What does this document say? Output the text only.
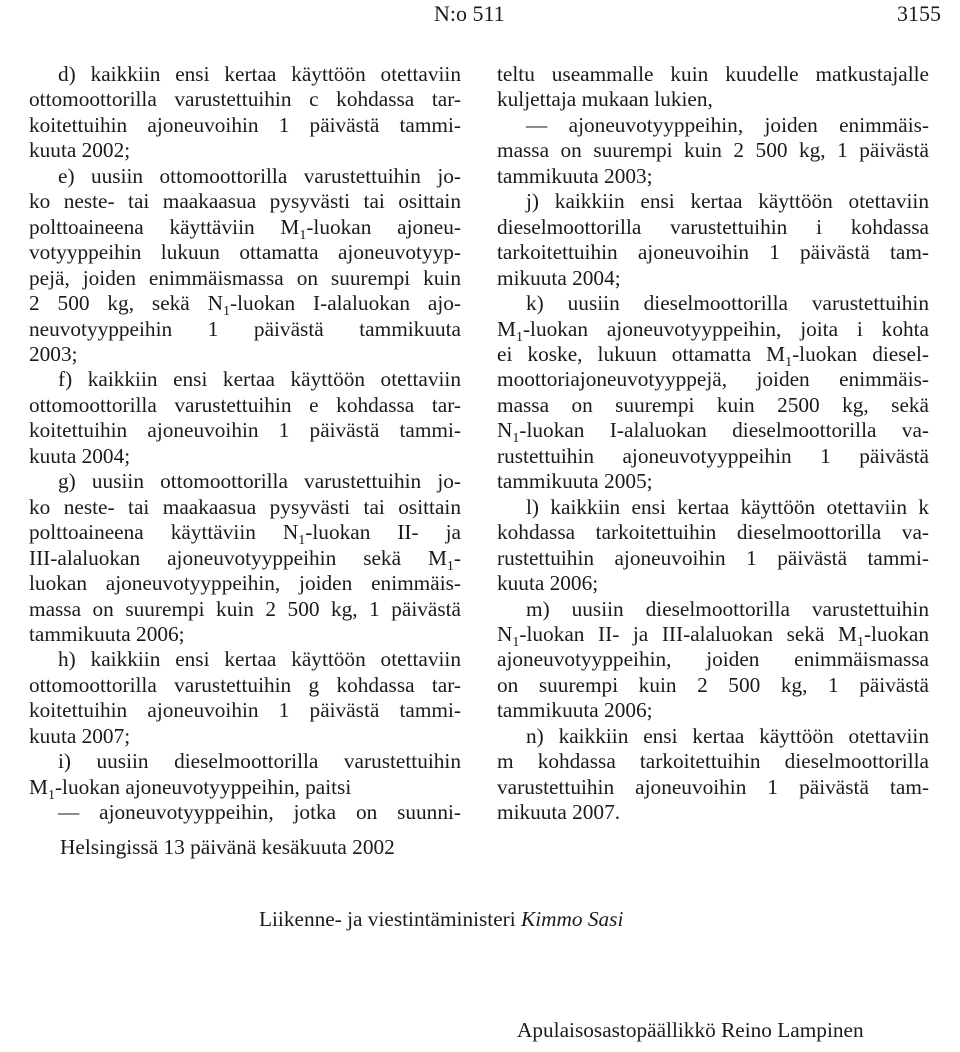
N:o 511	3155
d) kaikkiin ensi kertaa käyttöön otettaviin
ottomoottorilla varustettuihin c kohdassa tar-
koitettuihin ajoneuvoihin 1 päivästä tammi-
kuuta 2002;
e) uusiin ottomoottorilla varustettuihin jo-
ko neste- tai maakaasua pysyvästi tai osittain
polttoaineena käyttäviin $M_1$-luokan ajoneu-
votyyppeihin lukuun ottamatta ajoneuvotyyp-
pejä, joiden enimmäismassa on suurempi kuin
2 500 kg, sekä $N_1$-luokan I-alaluokan ajo-
neuvotyyppeihin 1 päivästä tammikuuta
2003;
f) kaikkiin ensi kertaa käyttöön otettaviin
ottomoottorilla varustettuihin e kohdassa tar-
koitettuihin ajoneuvoihin 1 päivästä tammi-
kuuta 2004;
g) uusiin ottomoottorilla varustettuihin jo-
ko neste- tai maakaasua pysyvästi tai osittain
polttoaineena käyttäviin $N_1$-luokan II- ja
III-alaluokan ajoneuvotyyppeihin sekä $M_1-$
luokan ajoneuvotyyppeihin, joiden enimmäis-
massa on suurempi kuin 2 500 kg, 1 päivästä
tammikuuta 2006;
h) kaikkiin ensi kertaa käyttöön otettaviin
ottomoottorilla varustettuihin g kohdassa tar-
koitettuihin ajoneuvoihin 1 päivästä tammi-
kuuta 2007;
i) uusiin dieselmoottorilla varustettuihin
$M_1$-luokan ajoneuvotyyppeihin, paitsi
— ajoneuvotyyppeihin, jotka on suunni-
teltu useammalle kuin kuudelle matkustajalle
kuljettaja mukaan lukien,
— ajoneuvotyyppeihin, joiden enimmäis-
massa on suurempi kuin 2 500 kg, 1 päivästä
tammikuuta 2003;
j) kaikkiin ensi kertaa käyttöön otettaviin
dieselmoottorilla varustettuihin i kohdassa
tarkoitettuihin ajoneuvoihin 1 päivästä tam-
mikuuta 2004;
k) uusiin dieselmoottorilla varustettuihin
$M_1$-luokan ajoneuvotyyppeihin, joita i kohta
ei koske, lukuun ottamatta $M_1$-luokan diesel-
moottoriajoneuvotyyppejä, joiden enimmäis-
massa on suurempi kuin 2500 kg, sekä
$N_1$-luokan I-alaluokan dieselmoottorilla va-
rustettuihin ajoneuvotyyppeihin 1 päivästä
tammikuuta 2005;
l) kaikkiin ensi kertaa käyttöön otettaviin k
kohdassa tarkoitettuihin dieselmoottorilla va-
rustettuihin ajoneuvoihin 1 päivästä tammi-
kuuta 2006;
m) uusiin dieselmoottorilla varustettuihin
$N_1$-luokan II- ja III-alaluokan sekä $M_1$-luokan
ajoneuvotyyppeihin, joiden enimmäismassa
on suurempi kuin 2 500 kg, 1 päivästä
tammikuuta 2006;
n) kaikkiin ensi kertaa käyttöön otettaviin
m kohdassa tarkoitettuihin dieselmoottorilla
varustettuihin ajoneuvoihin 1 päivästä tam-
mikuuta 2007.
Helsingissä 13 päivänä kesäkuuta 2002
Liikenne- ja viestintäministeri Kimmo Sasi
Apulaisosastopäällikkö Reino Lampinen
